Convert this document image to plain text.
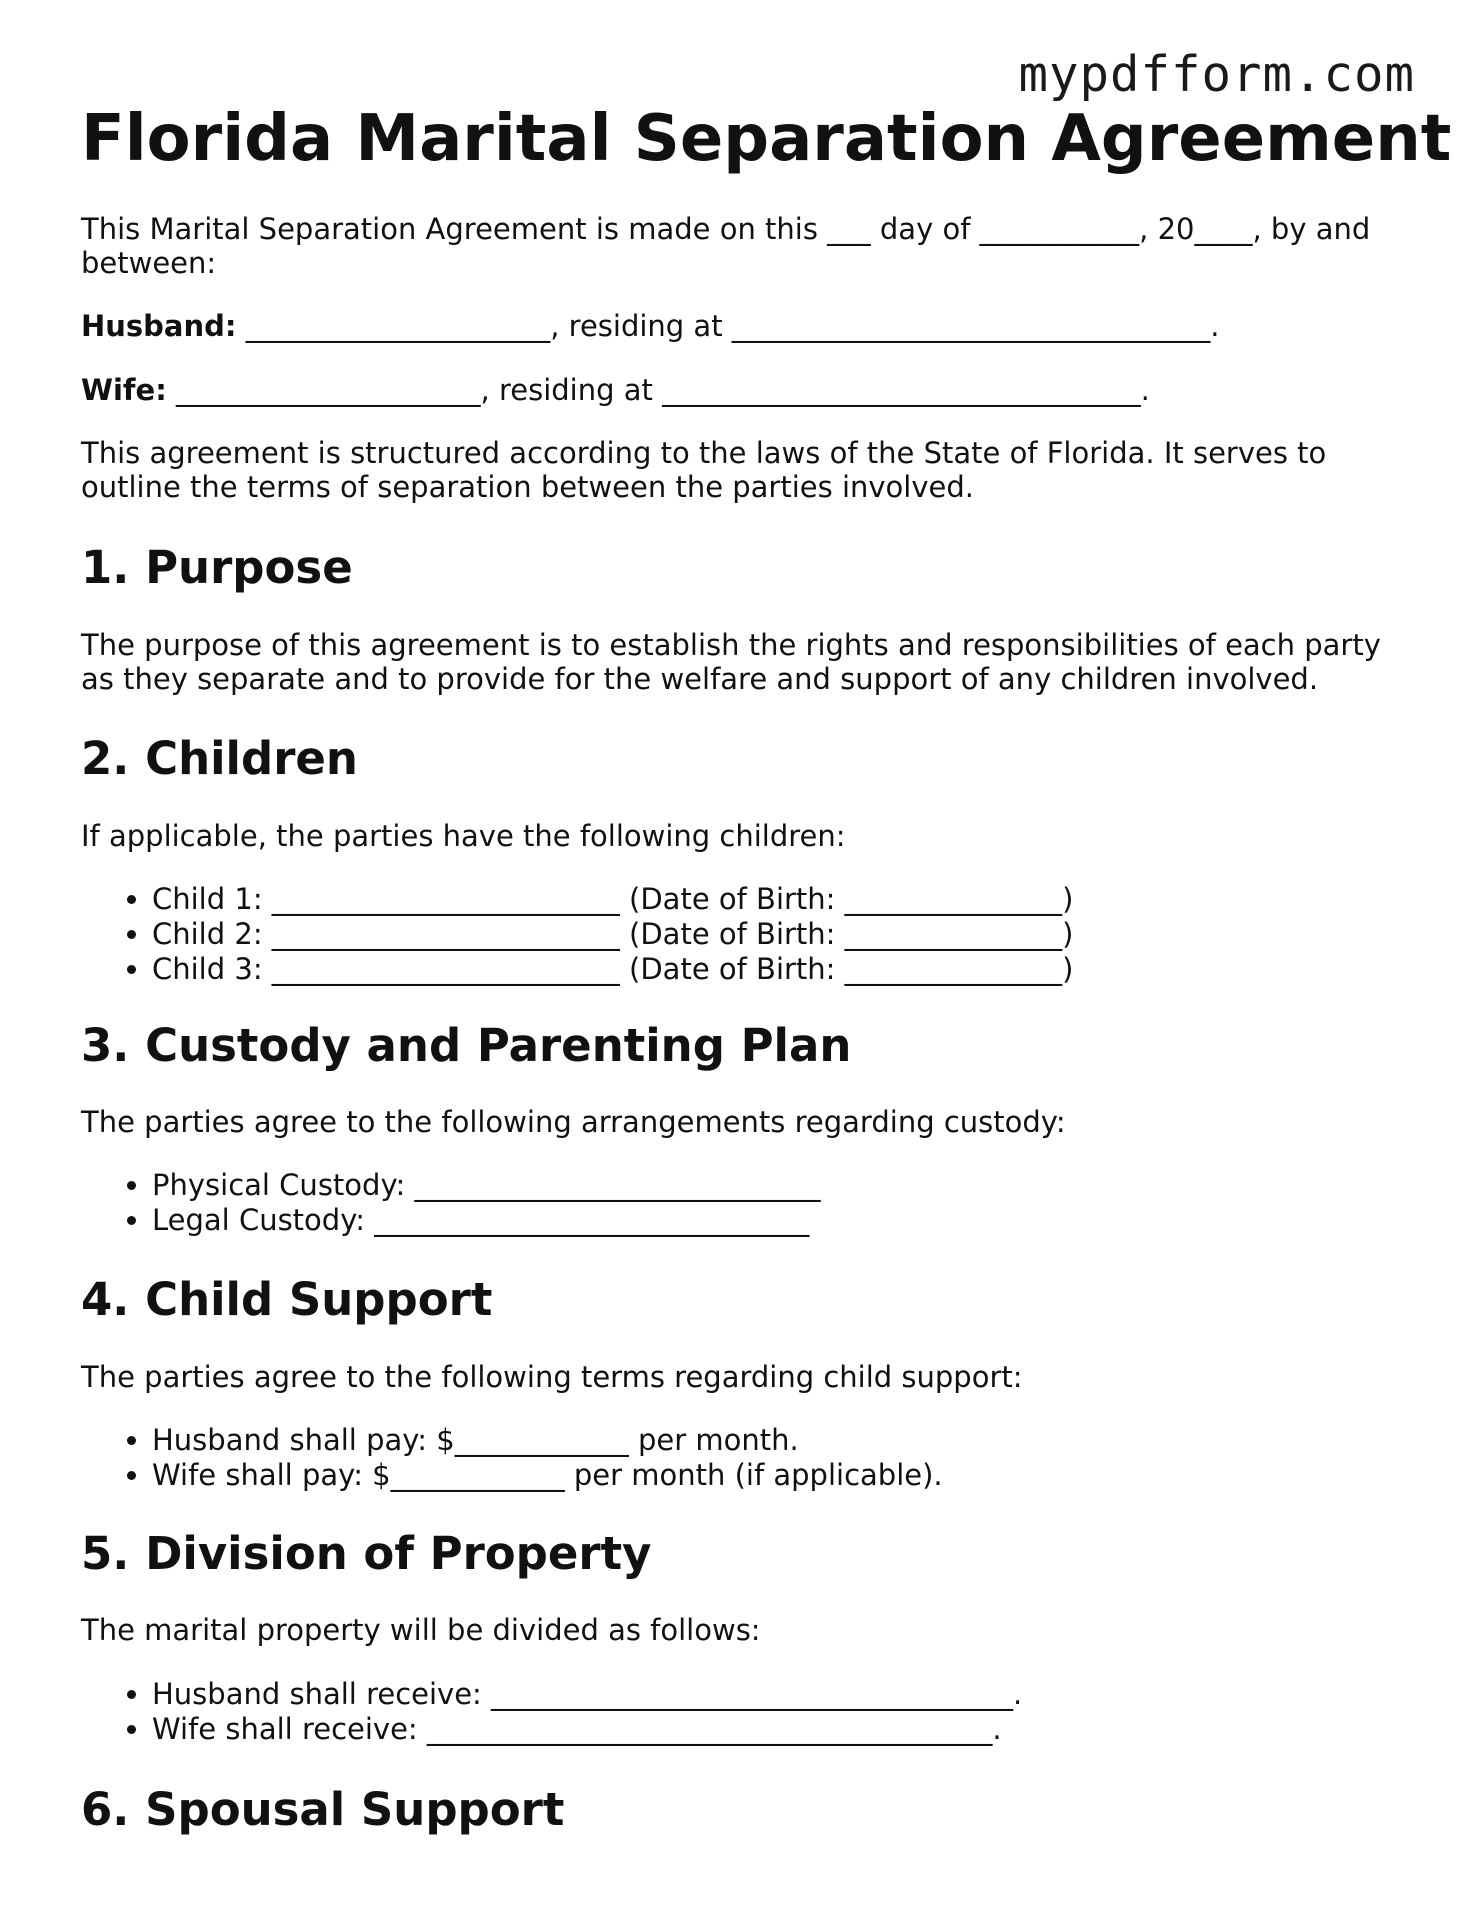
mypdfform.com
Florida Marital Separation Agreement

This Marital Separation Agreement is made on this ___ day of ___________, 20____, by and between:

Husband: _____________________, residing at _________________________________.

Wife: _____________________, residing at _________________________________.

This agreement is structured according to the laws of the State of Florida. It serves to outline the terms of separation between the parties involved.

1. Purpose

The purpose of this agreement is to establish the rights and responsibilities of each party as they separate and to provide for the welfare and support of any children involved.

2. Children

If applicable, the parties have the following children:

• Child 1: ________________________ (Date of Birth: _______________)
• Child 2: ________________________ (Date of Birth: _______________)
• Child 3: ________________________ (Date of Birth: _______________)
3. Custody and Parenting Plan

The parties agree to the following arrangements regarding custody:

• Physical Custody: ____________________________
• Legal Custody: ______________________________
4. Child Support

The parties agree to the following terms regarding child support:

• Husband shall pay: $____________ per month.
• Wife shall pay: $____________ per month (if applicable).
5. Division of Property

The marital property will be divided as follows:

• Husband shall receive: ____________________________________.
• Wife shall receive: _______________________________________.
6. Spousal Support
